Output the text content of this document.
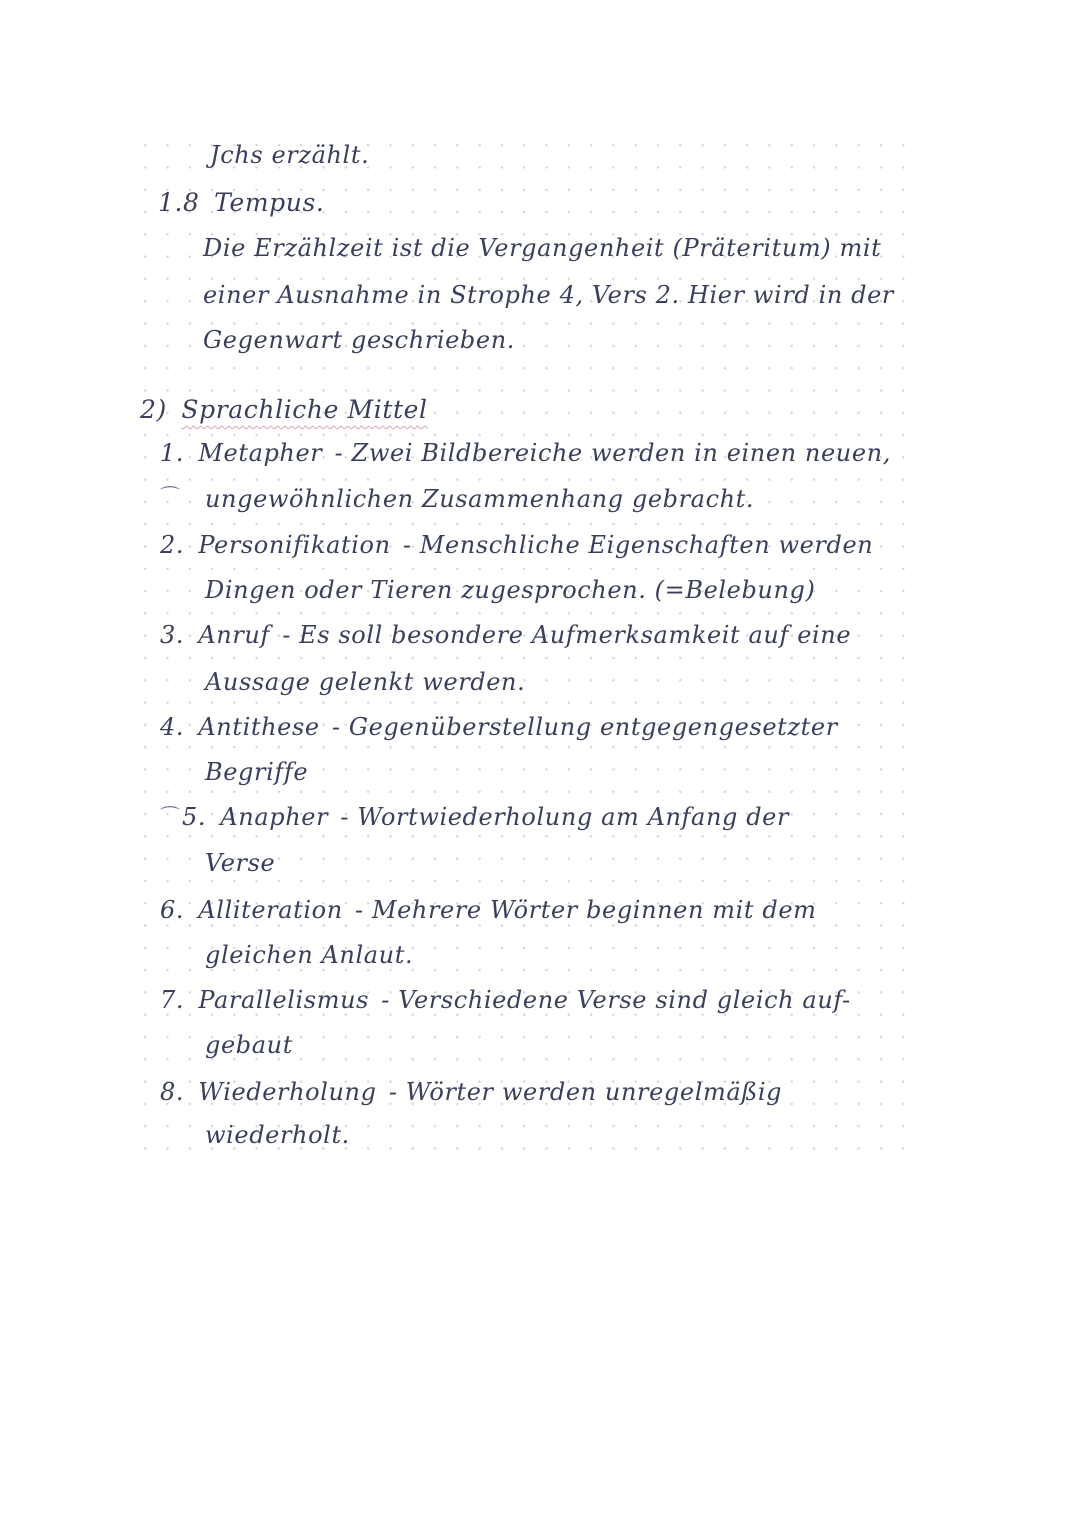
Jchs erzählt.
1.8 Tempus.
Die Erzählzeit ist die Vergangenheit (Präteritum) mit
einer Ausnahme in Strophe 4, Vers 2. Hier wird in der
Gegenwart geschrieben.
2) Sprachliche Mittel
1. Metapher - Zwei Bildbereiche werden in einen neuen,
⌒ ungewöhnlichen Zusammenhang gebracht.
2. Personifikation - Menschliche Eigenschaften werden
Dingen oder Tieren zugesprochen. (=Belebung)
3. Anruf - Es soll besondere Aufmerksamkeit auf eine
Aussage gelenkt werden.
4. Antithese - Gegenüberstellung entgegengesetzter
Begriffe
⌒ 5. Anapher - Wortwiederholung am Anfang der
Verse
6. Alliteration - Mehrere Wörter beginnen mit dem
gleichen Anlaut.
7. Parallelismus - Verschiedene Verse sind gleich auf-
gebaut
8. Wiederholung - Wörter werden unregelmäßig
wiederholt.
